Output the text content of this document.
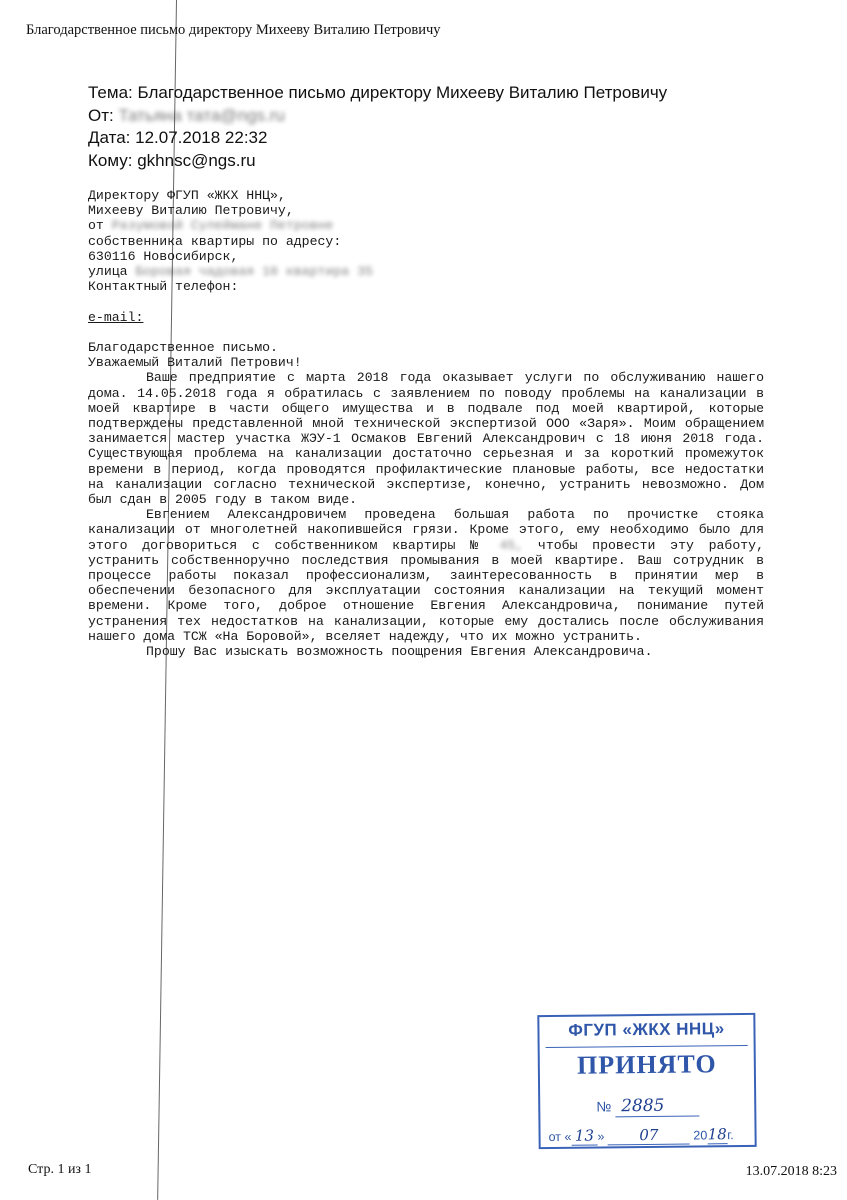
Благодарственное письмо директору Михееву Виталию Петровичу
Тема: Благодарственное письмо директору Михееву Виталию Петровичу
От: Татьяна тата@ngs.ru
Дата: 12.07.2018 22:32
Кому: gkhnsc@ngs.ru
Директору ФГУП «ЖКХ ННЦ»,
Михееву Виталию Петровичу,
от Разумовой Сулеймане Петровне
собственника квартиры по адресу:
630116 Новосибирск,
улица Боровая чадовая 10 квартира 35
Контактный телефон:
e-mail:
Благодарственное письмо.
Уважаемый Виталий Петрович!

Ваше предприятие с марта 2018 года оказывает услуги по обслуживанию нашего дома. 14.05.2018 года я обратилась с заявлением по поводу проблемы на канализации в моей квартире в части общего имущества и в подвале под моей квартирой, которые подтверждены представленной мной технической экспертизой ООО «Заря». Моим обращением занимается мастер участка ЖЭУ-1 Осмаков Евгений Александрович с 18 июня 2018 года. Существующая проблема на канализации достаточно серьезная и за короткий промежуток времени в период, когда проводятся профилактические плановые работы, все недостатки на канализации согласно технической экспертизе, конечно, устранить невозможно. Дом был сдан в 2005 году в таком виде.

Евгением Александровичем проведена большая работа по прочистке стояка канализации от многолетней накопившейся грязи. Кроме этого, ему необходимо было для этого договориться с собственником квартиры № 45, чтобы провести эту работу, устранить собственноручно последствия промывания в моей квартире. Ваш сотрудник в процессе работы показал профессионализм, заинтересованность в принятии мер в обеспечении безопасного для эксплуатации состояния канализации на текущий момент времени. Кроме того, доброе отношение Евгения Александровича, понимание путей устранения тех недостатков на канализации, которые ему достались после обслуживания нашего дома ТСЖ «На Боровой», вселяет надежду, что их можно устранить.

Прошу Вас изыскать возможность поощрения Евгения Александровича.

ФГУП «ЖКХ ННЦ»
ПРИНЯТО
№ 2885
от « 13 » 07	2018г.
Стр. 1 из 1	13.07.2018 8:23
